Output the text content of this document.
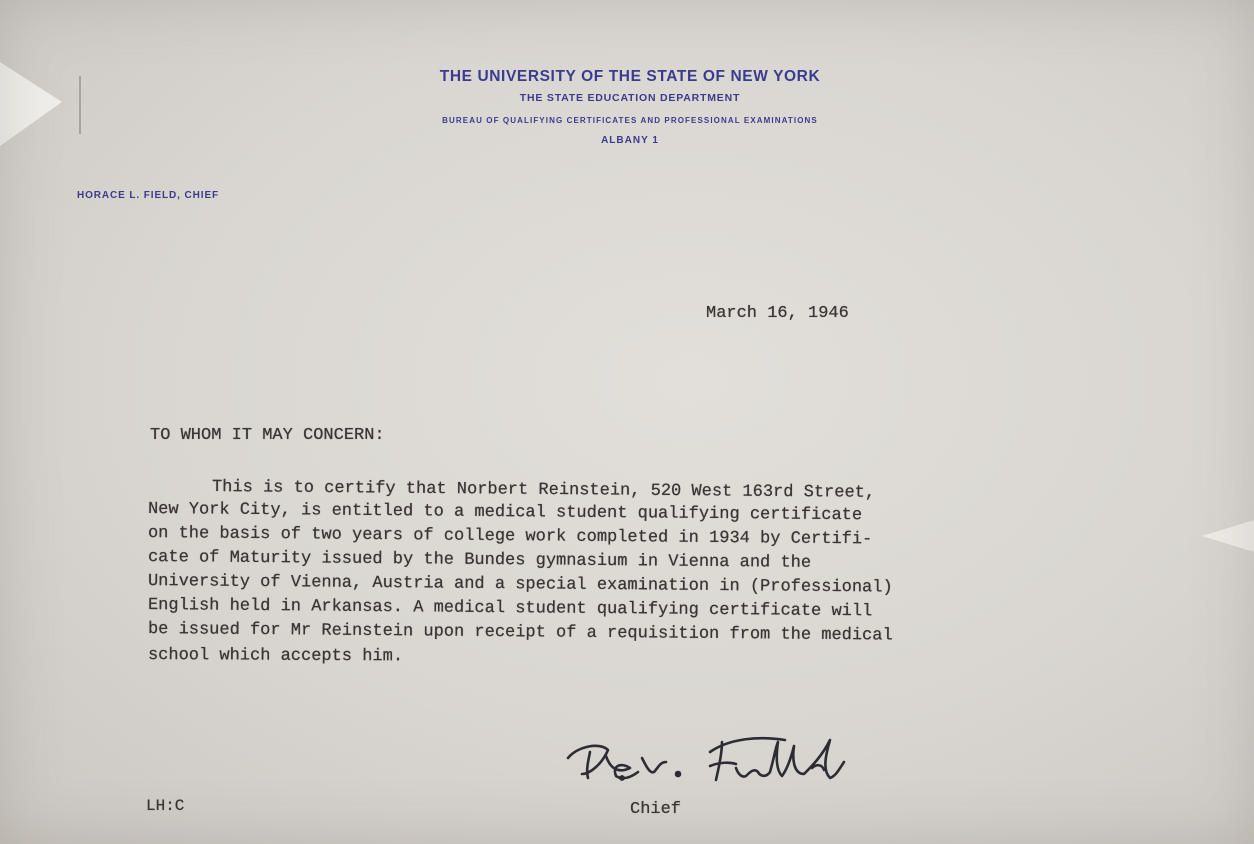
THE UNIVERSITY OF THE STATE OF NEW YORK
THE STATE EDUCATION DEPARTMENT
BUREAU OF QUALIFYING CERTIFICATES AND PROFESSIONAL EXAMINATIONS
ALBANY 1
HORACE L. FIELD, CHIEF
March 16, 1946
TO WHOM IT MAY CONCERN:
This is to certify that Norbert Reinstein, 520 West 163rd Street,
New York City, is entitled to a medical student qualifying certificate
on the basis of two years of college work completed in 1934 by Certifi-
cate of Maturity issued by the Bundes gymnasium in Vienna and the
University of Vienna, Austria and a special examination in (Professional)
English held in Arkansas. A medical student qualifying certificate will
be issued for Mr Reinstein upon receipt of a requisition from the medical
school which accepts him.
Chief
LH:C
